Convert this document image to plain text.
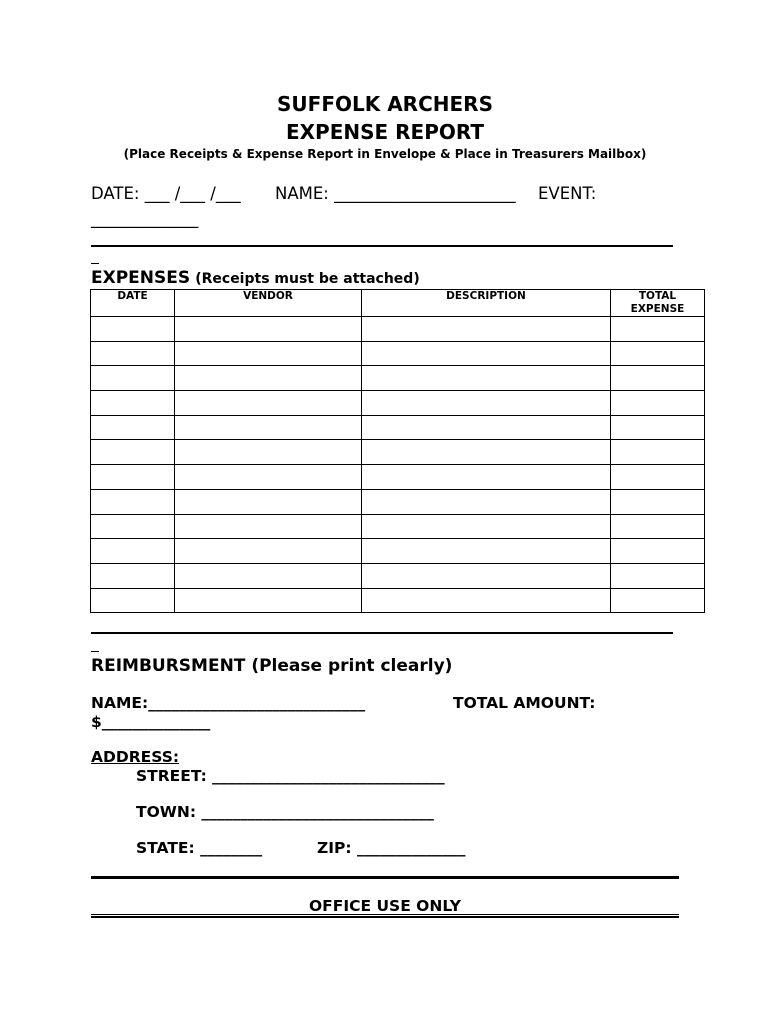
SUFFOLK ARCHERS
EXPENSE REPORT
(Place Receipts & Expense Report in Envelope & Place in Treasurers Mailbox)
DATE: ___ /___ /___ NAME: ______________________ EVENT:
_____________
EXPENSES (Receipts must be attached)
DATE	VENDOR	DESCRIPTION	TOTAL EXPENSE

REIMBURSMENT (Please print clearly)
NAME:____________________________	TOTAL AMOUNT:
$______________
ADDRESS:
STREET: ______________________________
TOWN: ______________________________
STATE: ________	ZIP: ______________
OFFICE USE ONLY
